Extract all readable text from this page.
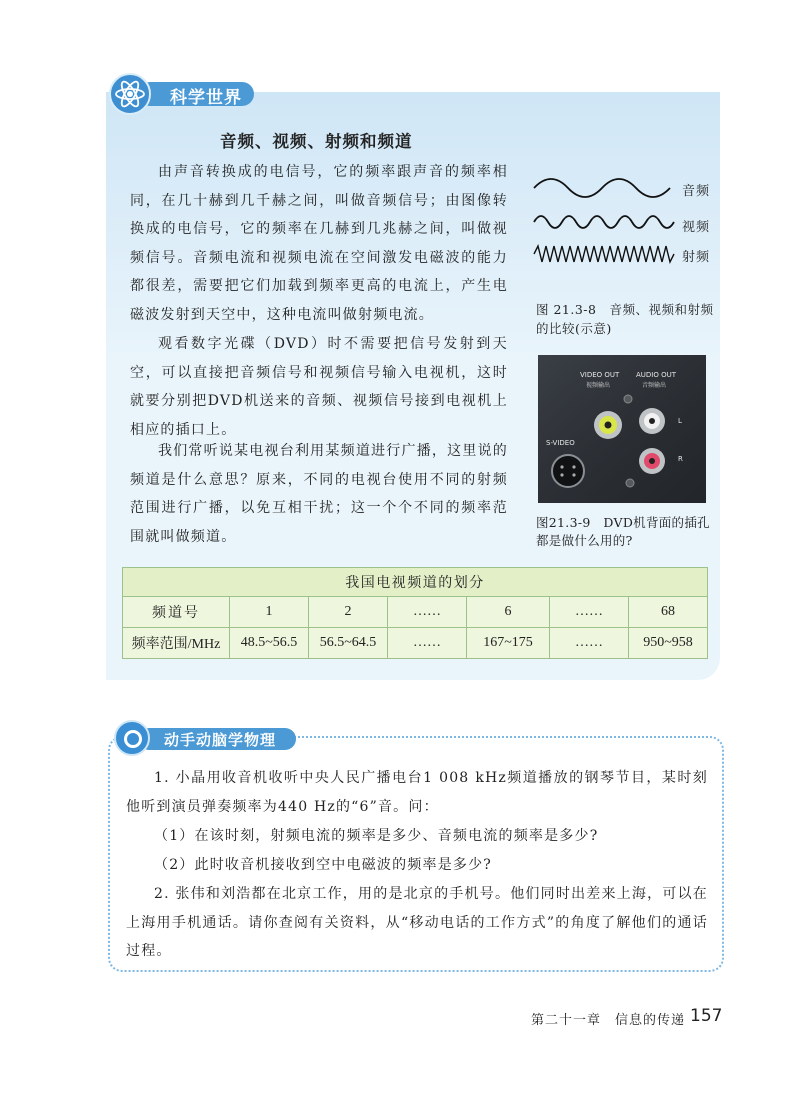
科学世界
音频、视频、射频和频道
由声音转换成的电信号，它的频率跟声音的频率相同，在几十赫到几千赫之间，叫做音频信号；由图像转换成的电信号，它的频率在几赫到几兆赫之间，叫做视频信号。音频电流和视频电流在空间激发电磁波的能力都很差，需要把它们加载到频率更高的电流上，产生电磁波发射到天空中，这种电流叫做射频电流。
观看数字光碟（DVD）时不需要把信号发射到天空，可以直接把音频信号和视频信号输入电视机，这时就要分别把DVD机送来的音频、视频信号接到电视机上相应的插口上。
我们常听说某电视台利用某频道进行广播，这里说的频道是什么意思？原来，不同的电视台使用不同的射频范围进行广播，以免互相干扰；这一个个不同的频率范围就叫做频道。
音频
视频
射频
图 21.3-8　音频、视频和射频的比较(示意)
VIDEO OUT
视频输出
AUDIO OUT
音频输出
S-VIDEO
L
R
图21.3-9　DVD机背面的插孔都是做什么用的?
我国电视频道的划分						
频道号	1	2	……	6	……	68
频率范围/MHz	48.5~56.5	56.5~64.5	……	167~175	……	950~958
动手动脑学物理
1. 小晶用收音机收听中央人民广播电台1 008 kHz频道播放的钢琴节目，某时刻他听到演员弹奏频率为440 Hz的“6”音。问：
（1）在该时刻，射频电流的频率是多少、音频电流的频率是多少?
（2）此时收音机接收到空中电磁波的频率是多少?
2. 张伟和刘浩都在北京工作，用的是北京的手机号。他们同时出差来上海，可以在上海用手机通话。请你查阅有关资料，从“移动电话的工作方式”的角度了解他们的通话过程。
第二十一章　信息的传递 157
